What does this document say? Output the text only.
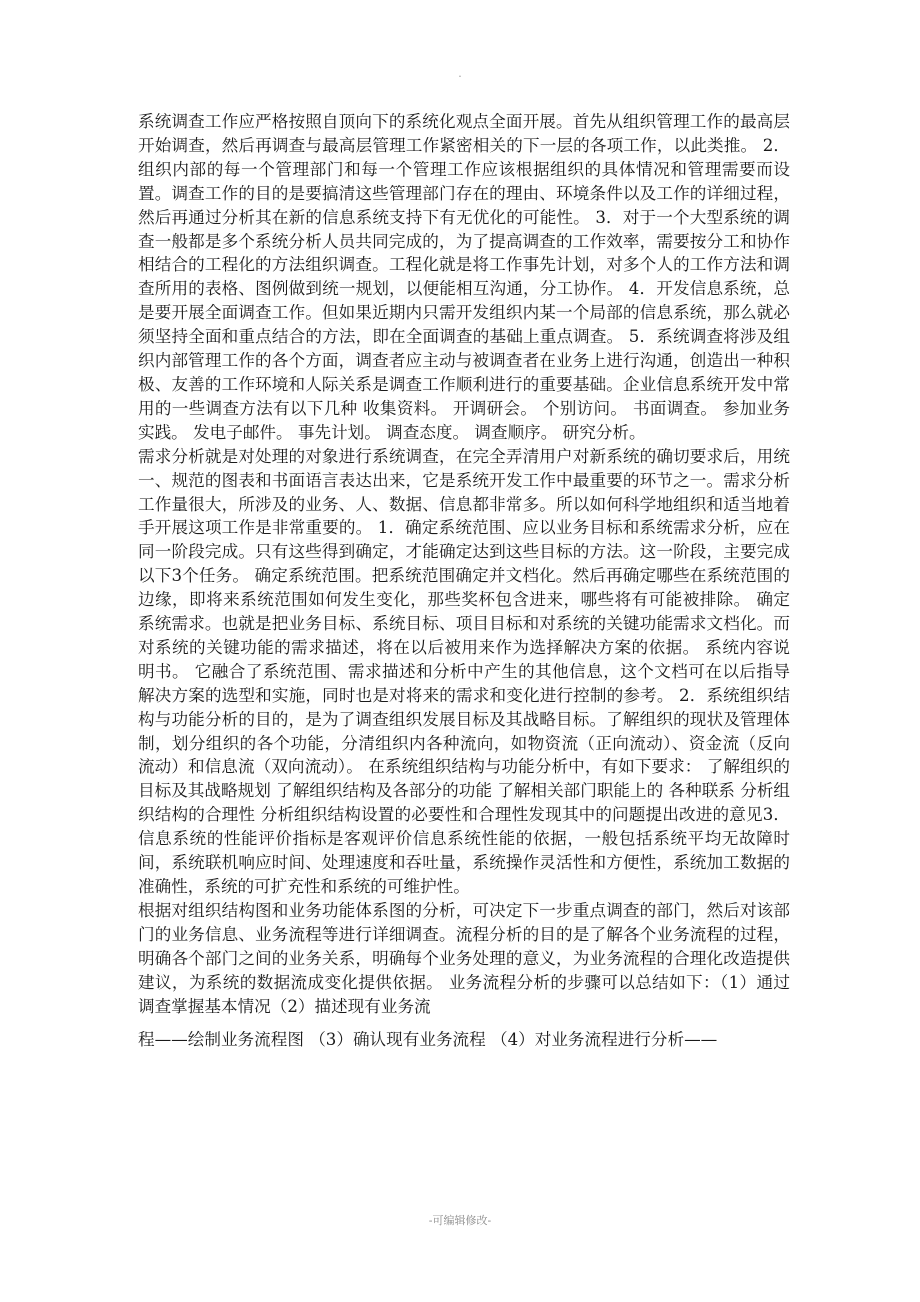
·

系统调查工作应严格按照自顶向下的系统化观点全面开展。首先从组织管理工作的最高层开始调查，然后再调查与最高层管理工作紧密相关的下一层的各项工作，以此类推。 2．组织内部的每一个管理部门和每一个管理工作应该根据组织的具体情况和管理需要而设置。调查工作的目的是要搞清这些管理部门存在的理由、环境条件以及工作的详细过程，然后再通过分析其在新的信息系统支持下有无优化的可能性。 3．对于一个大型系统的调查一般都是多个系统分析人员共同完成的，为了提高调查的工作效率，需要按分工和协作相结合的工程化的方法组织调查。工程化就是将工作事先计划，对多个人的工作方法和调查所用的表格、图例做到统一规划，以便能相互沟通，分工协作。 4．开发信息系统，总是要开展全面调查工作。但如果近期内只需开发组织内某一个局部的信息系统，那么就必须坚持全面和重点结合的方法，即在全面调查的基础上重点调查。 5．系统调查将涉及组织内部管理工作的各个方面，调查者应主动与被调查者在业务上进行沟通，创造出一种积极、友善的工作环境和人际关系是调查工作顺利进行的重要基础。企业信息系统开发中常用的一些调查方法有以下几种 收集资料。 开调研会。 个别访问。 书面调查。 参加业务实践。 发电子邮件。 事先计划。 调查态度。 调查顺序。 研究分析。

需求分析就是对处理的对象进行系统调查，在完全弄清用户对新系统的确切要求后，用统一、规范的图表和书面语言表达出来，它是系统开发工作中最重要的环节之一。需求分析工作量很大，所涉及的业务、人、数据、信息都非常多。所以如何科学地组织和适当地着手开展这项工作是非常重要的。 1．确定系统范围、应以业务目标和系统需求分析，应在同一阶段完成。只有这些得到确定，才能确定达到这些目标的方法。这一阶段，主要完成以下3个任务。 确定系统范围。把系统范围确定并文档化。然后再确定哪些在系统范围的边缘，即将来系统范围如何发生变化，那些奖杯包含进来，哪些将有可能被排除。 确定系统需求。也就是把业务目标、系统目标、项目目标和对系统的关键功能需求文档化。而对系统的关键功能的需求描述，将在以后被用来作为选择解决方案的依据。 系统内容说明书。 它融合了系统范围、需求描述和分析中产生的其他信息，这个文档可在以后指导解决方案的选型和实施，同时也是对将来的需求和变化进行控制的参考。 2．系统组织结构与功能分析的目的，是为了调查组织发展目标及其战略目标。了解组织的现状及管理体制，划分组织的各个功能，分清组织内各种流向，如物资流（正向流动）、资金流（反向流动）和信息流（双向流动）。 在系统组织结构与功能分析中，有如下要求： 了解组织的目标及其战略规划 了解组织结构及各部分的功能 了解相关部门职能上的 各种联系 分析组织结构的合理性 分析组织结构设置的必要性和合理性发现其中的问题提出改进的意见3．信息系统的性能评价指标是客观评价信息系统性能的依据，一般包括系统平均无故障时间，系统联机响应时间、处理速度和吞吐量，系统操作灵活性和方便性，系统加工数据的准确性，系统的可扩充性和系统的可维护性。

根据对组织结构图和业务功能体系图的分析，可决定下一步重点调查的部门，然后对该部门的业务信息、业务流程等进行详细调查。流程分析的目的是了解各个业务流程的过程，明确各个部门之间的业务关系，明确每个业务处理的意义，为业务流程的合理化改造提供建议，为系统的数据流成变化提供依据。 业务流程分析的步骤可以总结如下：（1）通过调查掌握基本情况（2）描述现有业务流

程——绘制业务流程图 （3）确认现有业务流程 （4）对业务流程进行分析——

-可编辑修改-
